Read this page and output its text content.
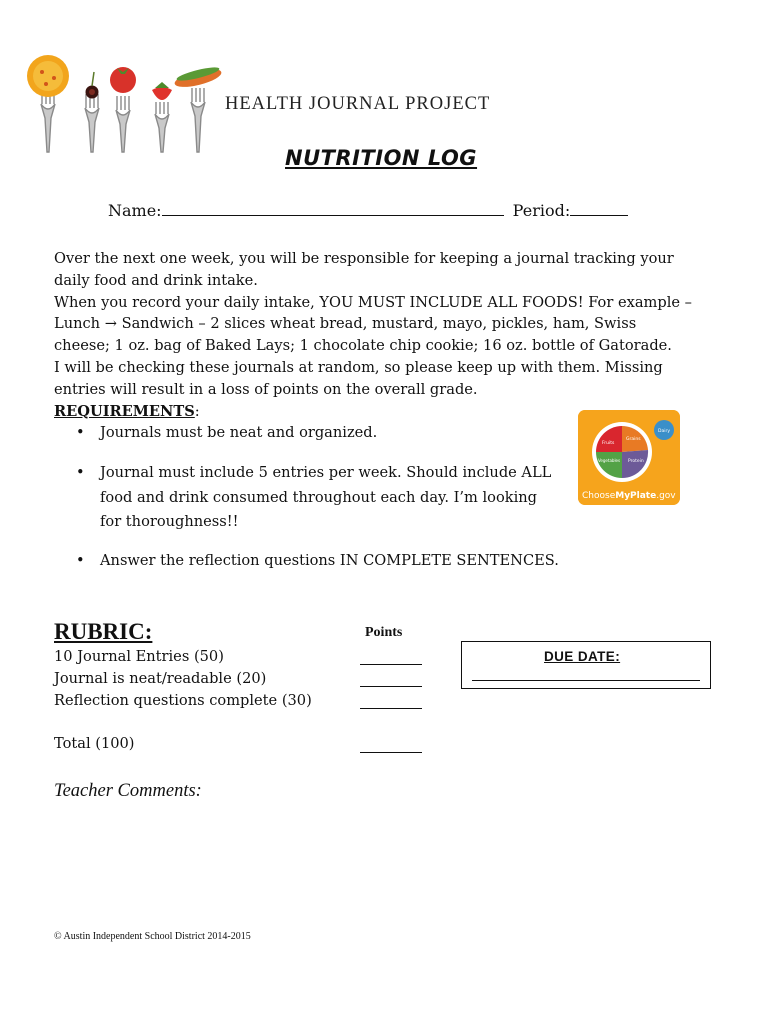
HEALTH JOURNAL PROJECT
NUTRITION LOG
Name:	Period:

Over the next one week, you will be responsible for keeping a journal tracking your daily food and drink intake.

When you record your daily intake, YOU MUST INCLUDE ALL FOODS! For example – Lunch → Sandwich – 2 slices wheat bread, mustard, mayo, pickles, ham, Swiss cheese; 1 oz. bag of Baked Lays; 1 chocolate chip cookie; 16 oz. bottle of Gatorade.

I will be checking these journals at random, so please keep up with them. Missing entries will result in a loss of points on the overall grade.

REQUIREMENTS:

• Journals must be neat and organized.
• Journal must include 5 entries per week. Should include ALL food and drink consumed throughout each day. I’m looking for thoroughness!!
• Answer the reflection questions IN COMPLETE SENTENCES.
Fruits
Grains
Vegetables Protein
Dairy
ChooseMyPlate.gov
RUBRIC:	Points
10 Journal Entries (50)
Journal is neat/readable (20)
Reflection questions complete (30)
Total (100)
DUE DATE:
Teacher Comments:
© Austin Independent School District 2014-2015
